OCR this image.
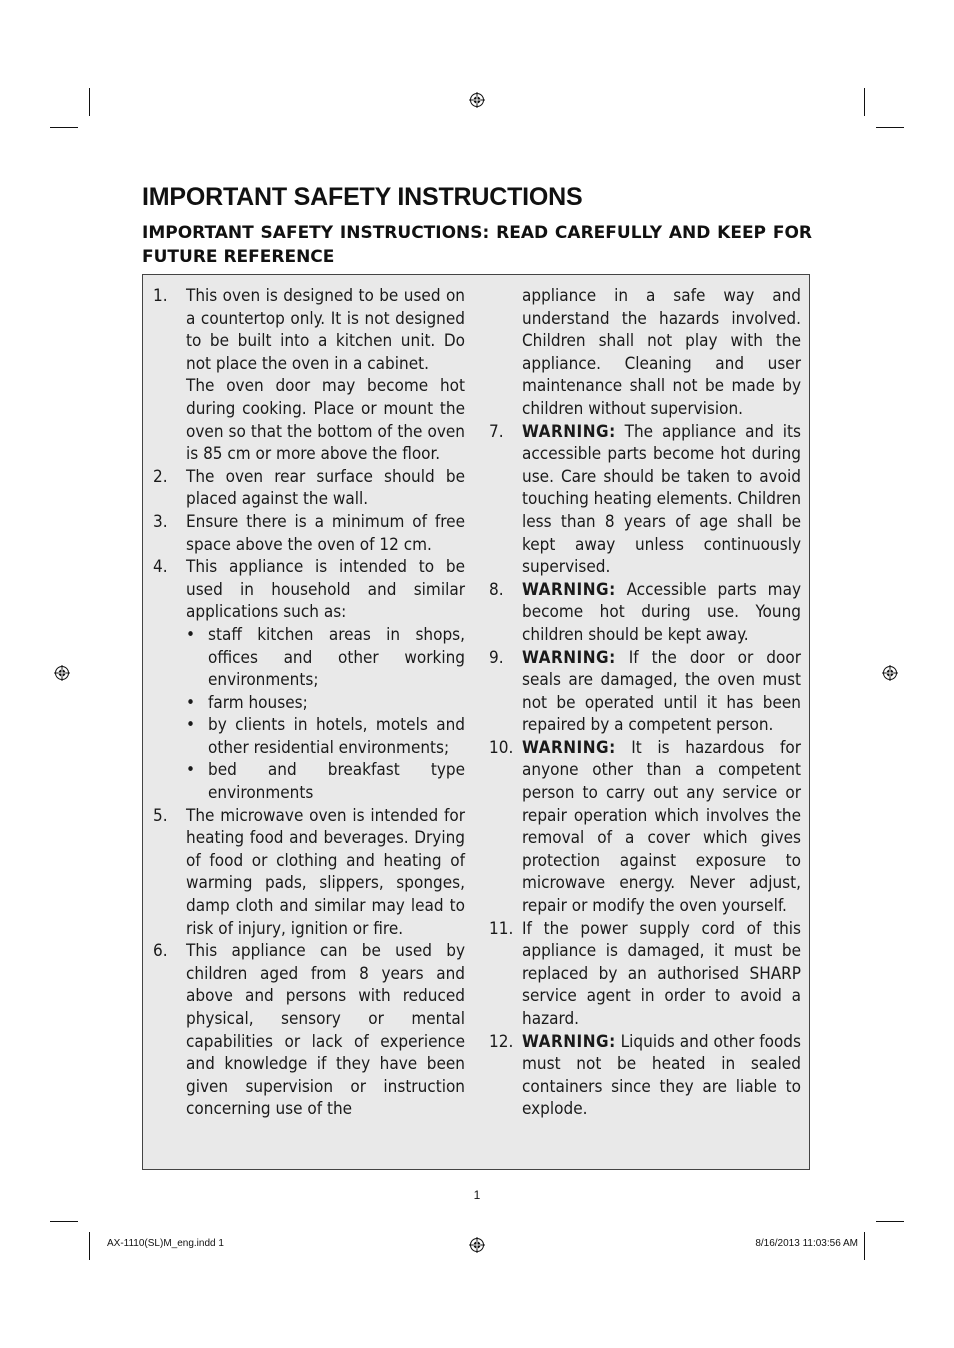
IMPORTANT SAFETY INSTRUCTIONS

IMPORTANT SAFETY INSTRUCTIONS: READ CAREFULLY AND KEEP FOR FUTURE REFERENCE

1.	This oven is designed to be used on a countertop only. It is not designed to be built into a kitchen unit. Do not place the oven in a cabinet.

The oven door may become hot during cooking. Place or mount the oven so that the bottom of the oven is 85 cm or more above the floor.

2.	The oven rear surface should be placed against the wall.

3.	Ensure there is a minimum of free space above the oven of 12 cm.

4.	This appliance is intended to be used in household and similar applications such as:

• staff kitchen areas in shops, offices and other working environments;
• farm houses;
• by clients in hotels, motels and other residential environments;
• bed and breakfast type environments
5.	The microwave oven is intended for heating food and beverages. Drying of food or clothing and heating of warming pads, slippers, sponges, damp cloth and similar may lead to risk of injury, ignition or fire.

6.	This appliance can be used by children aged from 8 years and above and persons with reduced physical, sensory or mental capabilities or lack of experience and knowledge if they have been given supervision or instruction concerning use of the

appliance in a safe way and understand the hazards involved. Children shall not play with the appliance. Cleaning and user maintenance shall not be made by children without supervision.

7.	WARNING: The appliance and its accessible parts become hot during use. Care should be taken to avoid touching heating elements. Children less than 8 years of age shall be kept away unless continuously supervised.

8.	WARNING: Accessible parts may become hot during use. Young children should be kept away.

9.	WARNING: If the door or door seals are damaged, the oven must not be operated until it has been repaired by a competent person.

10. WARNING: It is hazardous for anyone other than a competent person to carry out any service or repair operation which involves the removal of a cover which gives protection against exposure to microwave energy. Never adjust, repair or modify the oven yourself.

11. If the power supply cord of this appliance is damaged, it must be replaced by an authorised SHARP service agent in order to avoid a hazard.

12. WARNING: Liquids and other foods must not be heated in sealed containers since they are liable to explode.

1
AX-1110(SL)M_eng.indd 1	8/16/2013 11:03:56 AM
